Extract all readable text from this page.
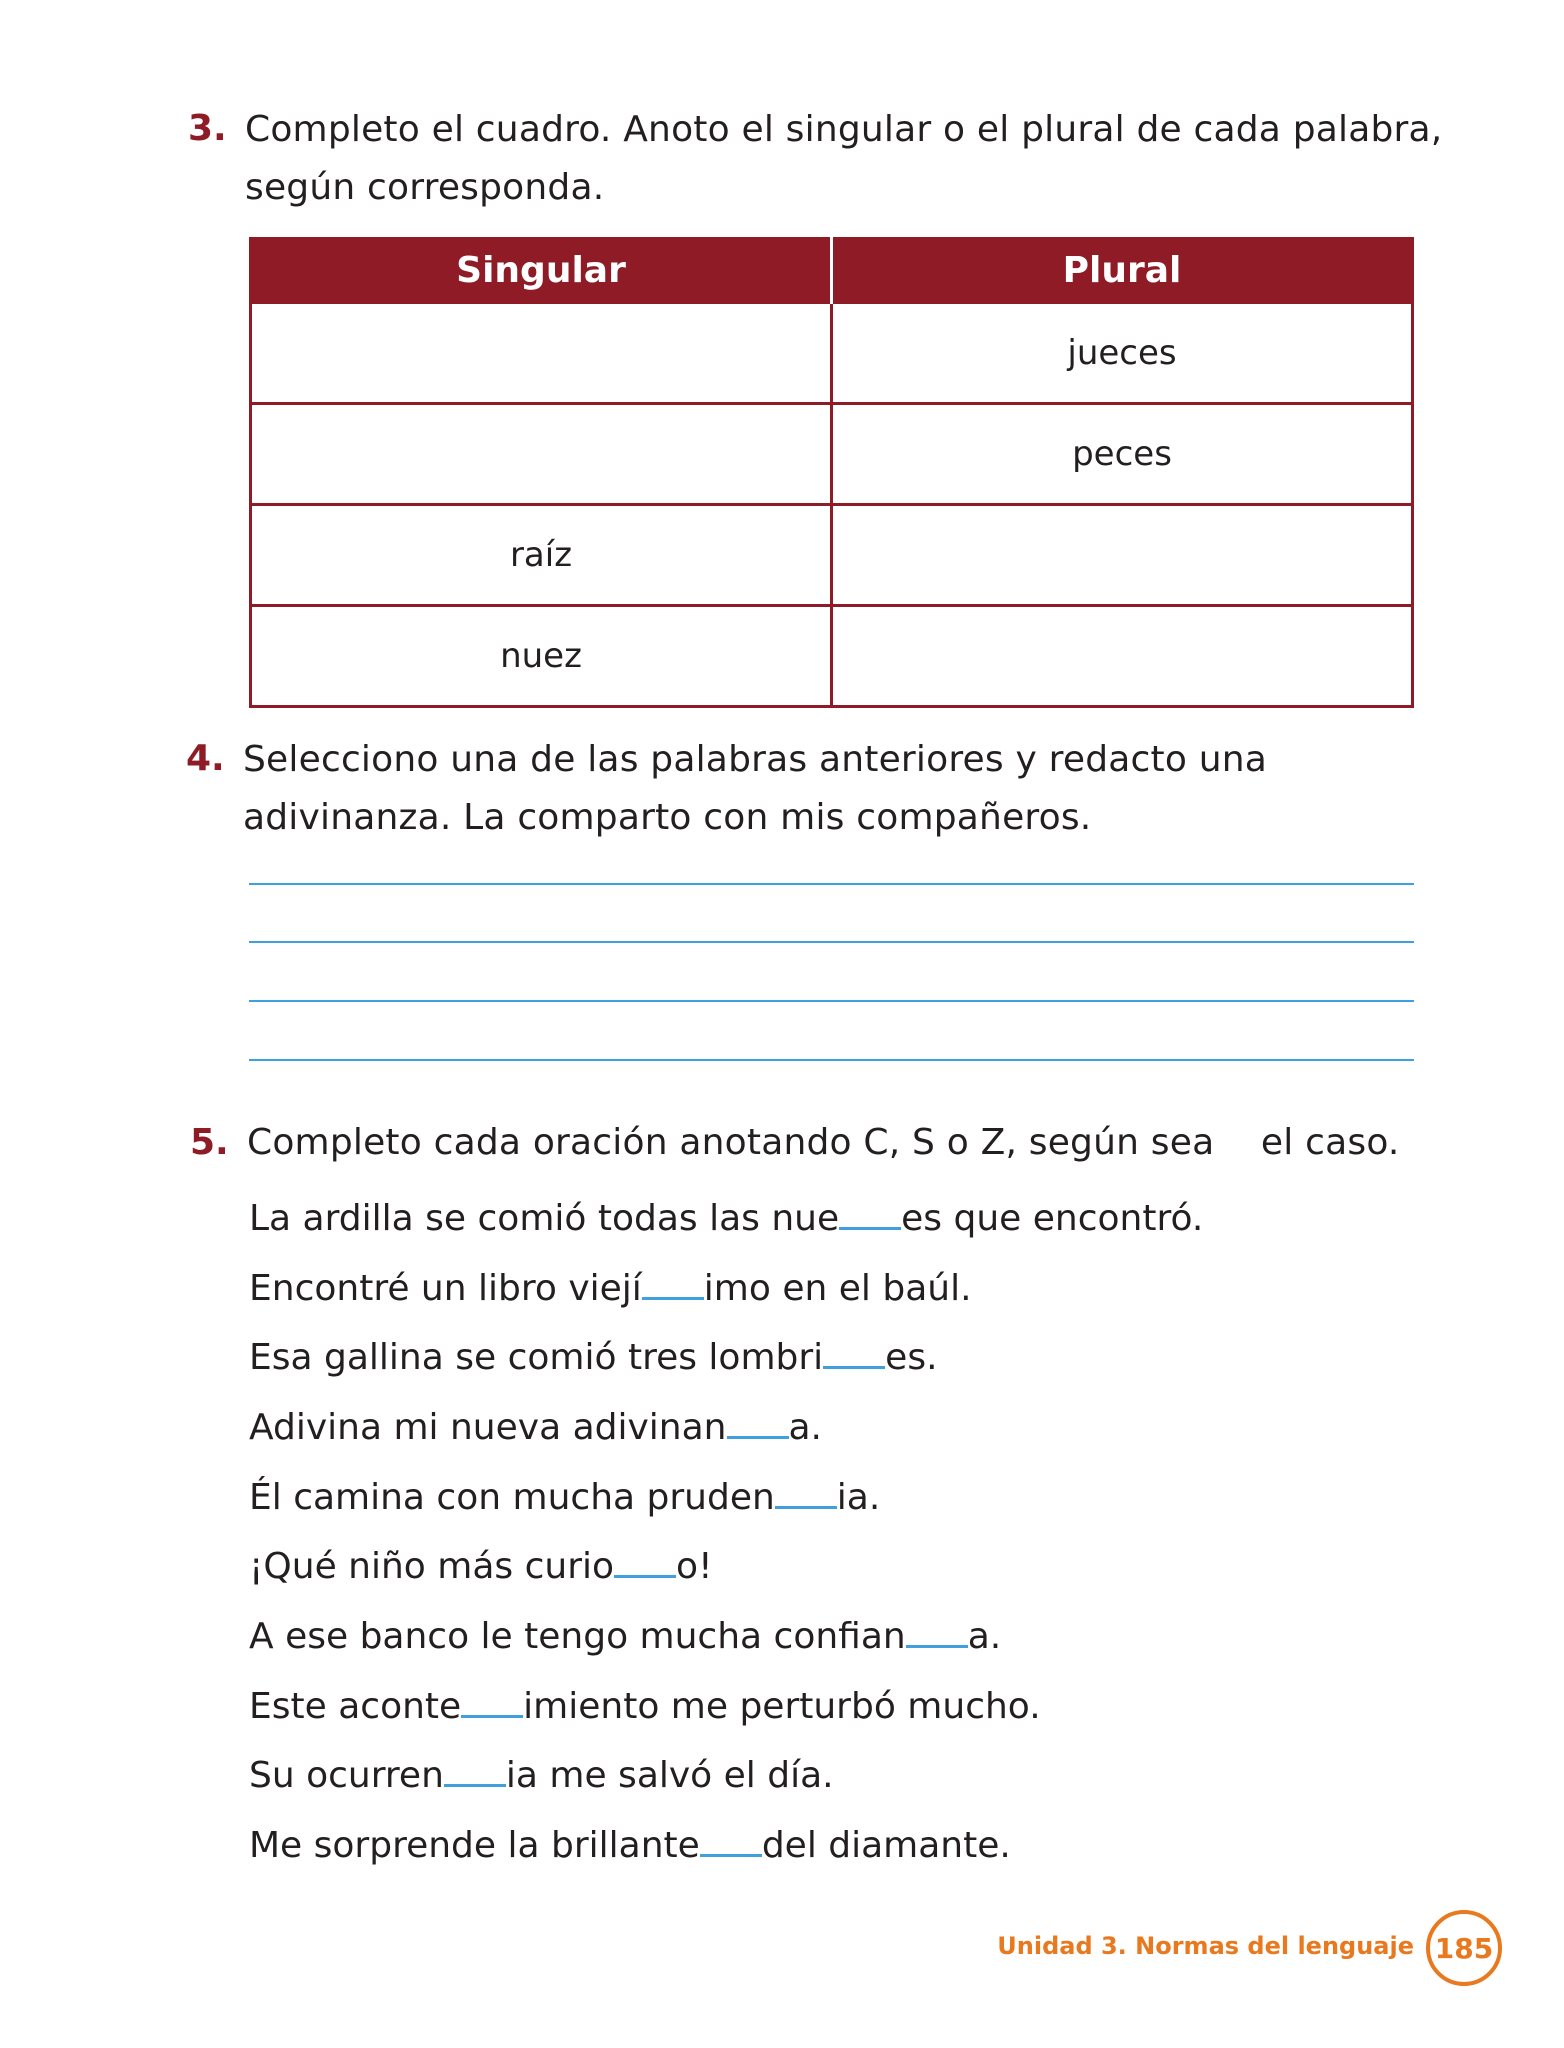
3. Completo el cuadro. Anoto el singular o el plural de cada palabra,
según corresponda.
Singular	Plural
	jueces
	peces
raíz	
nuez	
4. Selecciono una de las palabras anteriores y redacto una
adivinanza. La comparto con mis compañeros.
5. Completo cada oración anotando C, S o Z, según sea    el caso.
La ardilla se comió todas las nue es que encontró.
Encontré un libro viejí imo en el baúl.
Esa gallina se comió tres lombri es.
Adivina mi nueva adivinan a.
Él camina con mucha pruden ia.
¡Qué niño más curio o!
A ese banco le tengo mucha confian a.
Este aconte imiento me perturbó mucho.
Su ocurren ia me salvó el día.
Me sorprende la brillante del diamante.
Unidad 3. Normas del lenguaje 185
